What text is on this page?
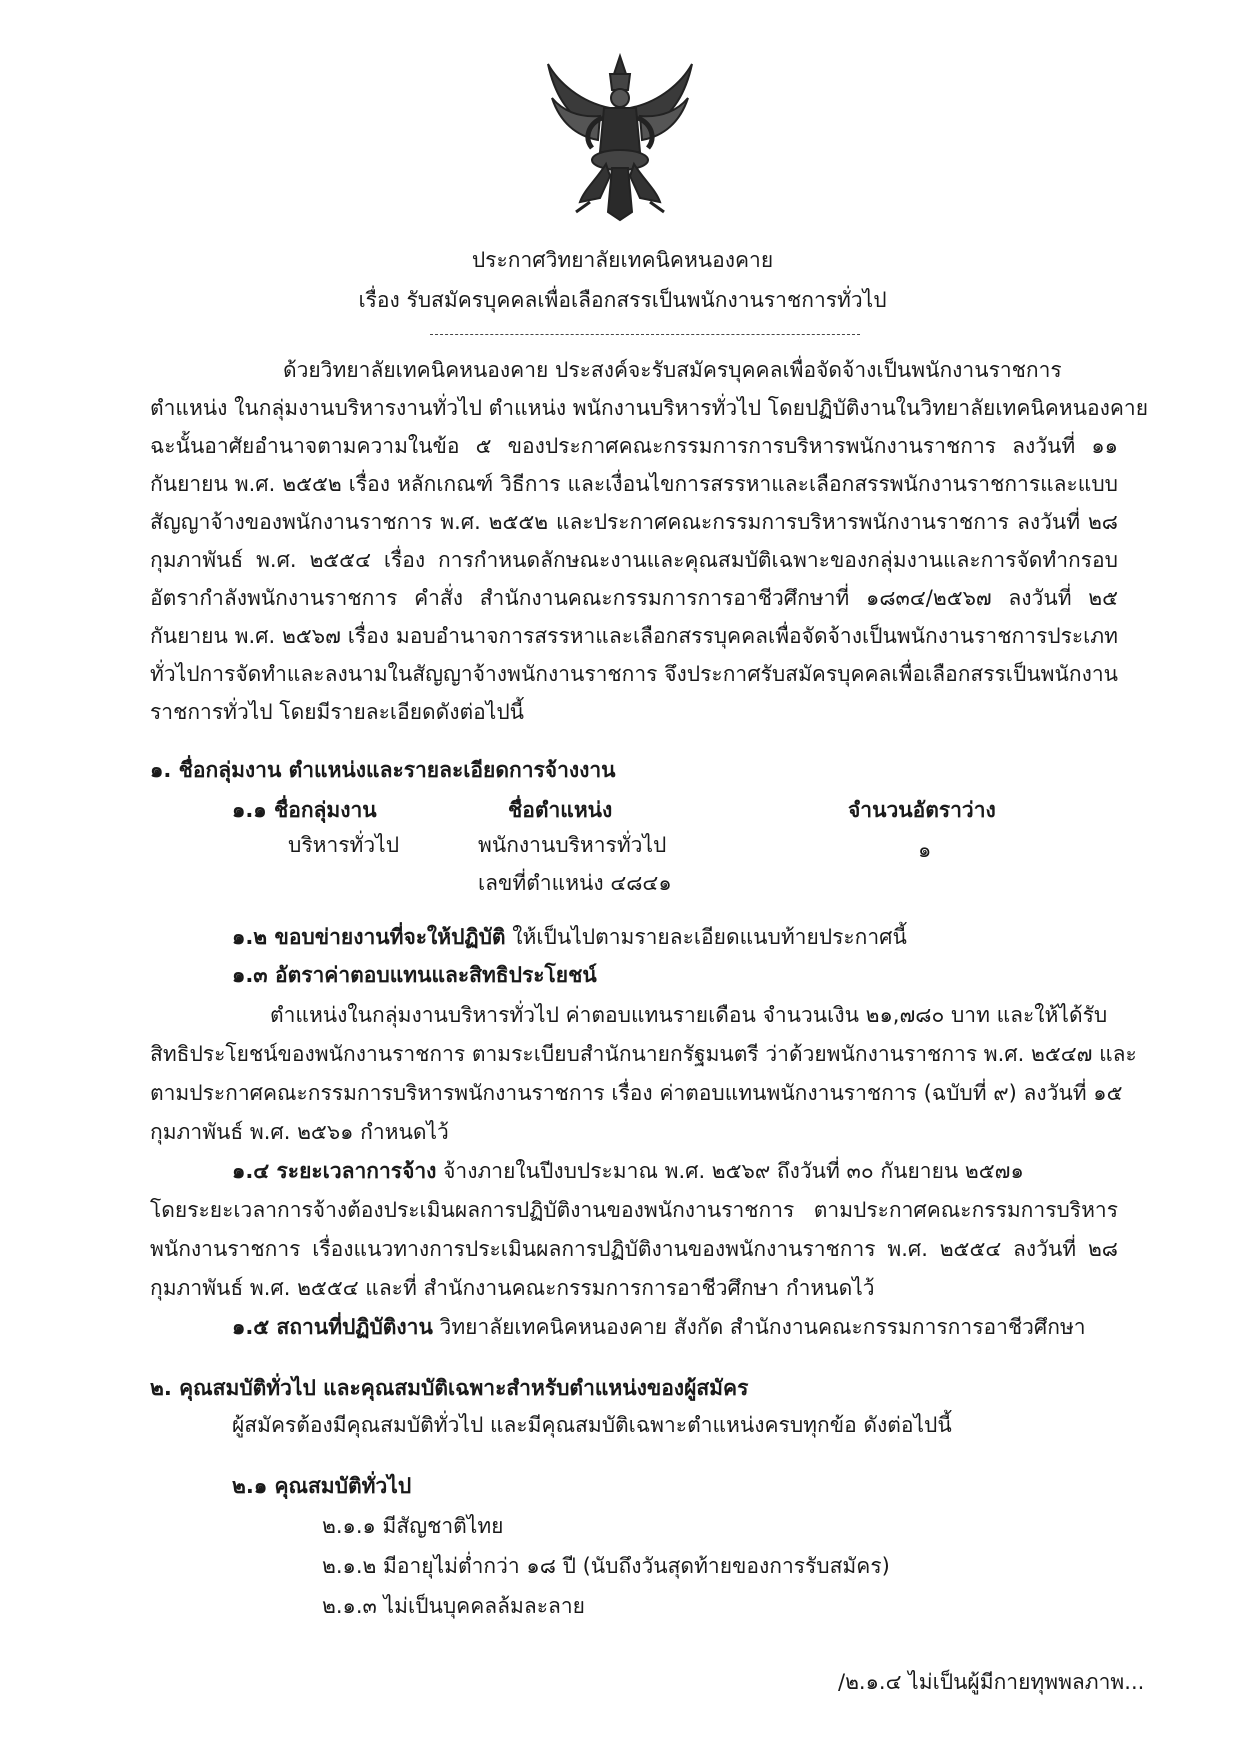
ประกาศวิทยาลัยเทคนิคหนองคาย
เรื่อง รับสมัครบุคคลเพื่อเลือกสรรเป็นพนักงานราชการทั่วไป
ด้วยวิทยาลัยเทคนิคหนองคาย ประสงค์จะรับสมัครบุคคลเพื่อจัดจ้างเป็นพนักงานราชการ
ตำแหน่ง ในกลุ่มงานบริหารงานทั่วไป ตำแหน่ง พนักงานบริหารทั่วไป โดยปฏิบัติงานในวิทยาลัยเทคนิคหนองคาย
ฉะนั้นอาศัยอำนาจตามความในข้อ ๕ ของประกาศคณะกรรมการการบริหารพนักงานราชการ ลงวันที่ ๑๑
กันยายน พ.ศ. ๒๕๕๒ เรื่อง หลักเกณฑ์ วิธีการ และเงื่อนไขการสรรหาและเลือกสรรพนักงานราชการและแบบ
สัญญาจ้างของพนักงานราชการ พ.ศ. ๒๕๕๒ และประกาศคณะกรรมการบริหารพนักงานราชการ ลงวันที่ ๒๘
กุมภาพันธ์ พ.ศ. ๒๕๕๔ เรื่อง การกำหนดลักษณะงานและคุณสมบัติเฉพาะของกลุ่มงานและการจัดทำกรอบ
อัตรากำลังพนักงานราชการ คำสั่ง สำนักงานคณะกรรมการการอาชีวศึกษาที่ ๑๘๓๔/๒๕๖๗ ลงวันที่ ๒๕
กันยายน พ.ศ. ๒๕๖๗ เรื่อง มอบอำนาจการสรรหาและเลือกสรรบุคคลเพื่อจัดจ้างเป็นพนักงานราชการประเภท
ทั่วไปการจัดทำและลงนามในสัญญาจ้างพนักงานราชการ จึงประกาศรับสมัครบุคคลเพื่อเลือกสรรเป็นพนักงาน
ราชการทั่วไป โดยมีรายละเอียดดังต่อไปนี้
๑. ชื่อกลุ่มงาน ตำแหน่งและรายละเอียดการจ้างงาน
๑.๑ ชื่อกลุ่มงาน	ชื่อตำแหน่ง	จำนวนอัตราว่าง
บริหารทั่วไป	พนักงานบริหารทั่วไป	๑
เลขที่ตำแหน่ง ๔๘๔๑
๑.๒ ขอบข่ายงานที่จะให้ปฏิบัติ ให้เป็นไปตามรายละเอียดแนบท้ายประกาศนี้
๑.๓ อัตราค่าตอบแทนและสิทธิประโยชน์
ตำแหน่งในกลุ่มงานบริหารทั่วไป ค่าตอบแทนรายเดือน จำนวนเงิน ๒๑,๗๘๐ บาท และให้ได้รับ
สิทธิประโยชน์ของพนักงานราชการ ตามระเบียบสำนักนายกรัฐมนตรี ว่าด้วยพนักงานราชการ พ.ศ. ๒๕๔๗ และ
ตามประกาศคณะกรรมการบริหารพนักงานราชการ เรื่อง ค่าตอบแทนพนักงานราชการ (ฉบับที่ ๙) ลงวันที่ ๑๕
กุมภาพันธ์ พ.ศ. ๒๕๖๑ กำหนดไว้
๑.๔ ระยะเวลาการจ้าง จ้างภายในปีงบประมาณ พ.ศ. ๒๕๖๙ ถึงวันที่ ๓๐ กันยายน ๒๕๗๑
โดยระยะเวลาการจ้างต้องประเมินผลการปฏิบัติงานของพนักงานราชการ ตามประกาศคณะกรรมการบริหาร
พนักงานราชการ เรื่องแนวทางการประเมินผลการปฏิบัติงานของพนักงานราชการ พ.ศ. ๒๕๕๔ ลงวันที่ ๒๘
กุมภาพันธ์ พ.ศ. ๒๕๕๔ และที่ สำนักงานคณะกรรมการการอาชีวศึกษา กำหนดไว้
๑.๕ สถานที่ปฏิบัติงาน วิทยาลัยเทคนิคหนองคาย สังกัด สำนักงานคณะกรรมการการอาชีวศึกษา
๒. คุณสมบัติทั่วไป และคุณสมบัติเฉพาะสำหรับตำแหน่งของผู้สมัคร
ผู้สมัครต้องมีคุณสมบัติทั่วไป และมีคุณสมบัติเฉพาะตำแหน่งครบทุกข้อ ดังต่อไปนี้
๒.๑ คุณสมบัติทั่วไป
๒.๑.๑ มีสัญชาติไทย
๒.๑.๒ มีอายุไม่ต่ำกว่า ๑๘ ปี (นับถึงวันสุดท้ายของการรับสมัคร)
๒.๑.๓ ไม่เป็นบุคคลล้มละลาย
/๒.๑.๔ ไม่เป็นผู้มีกายทุพพลภาพ...
